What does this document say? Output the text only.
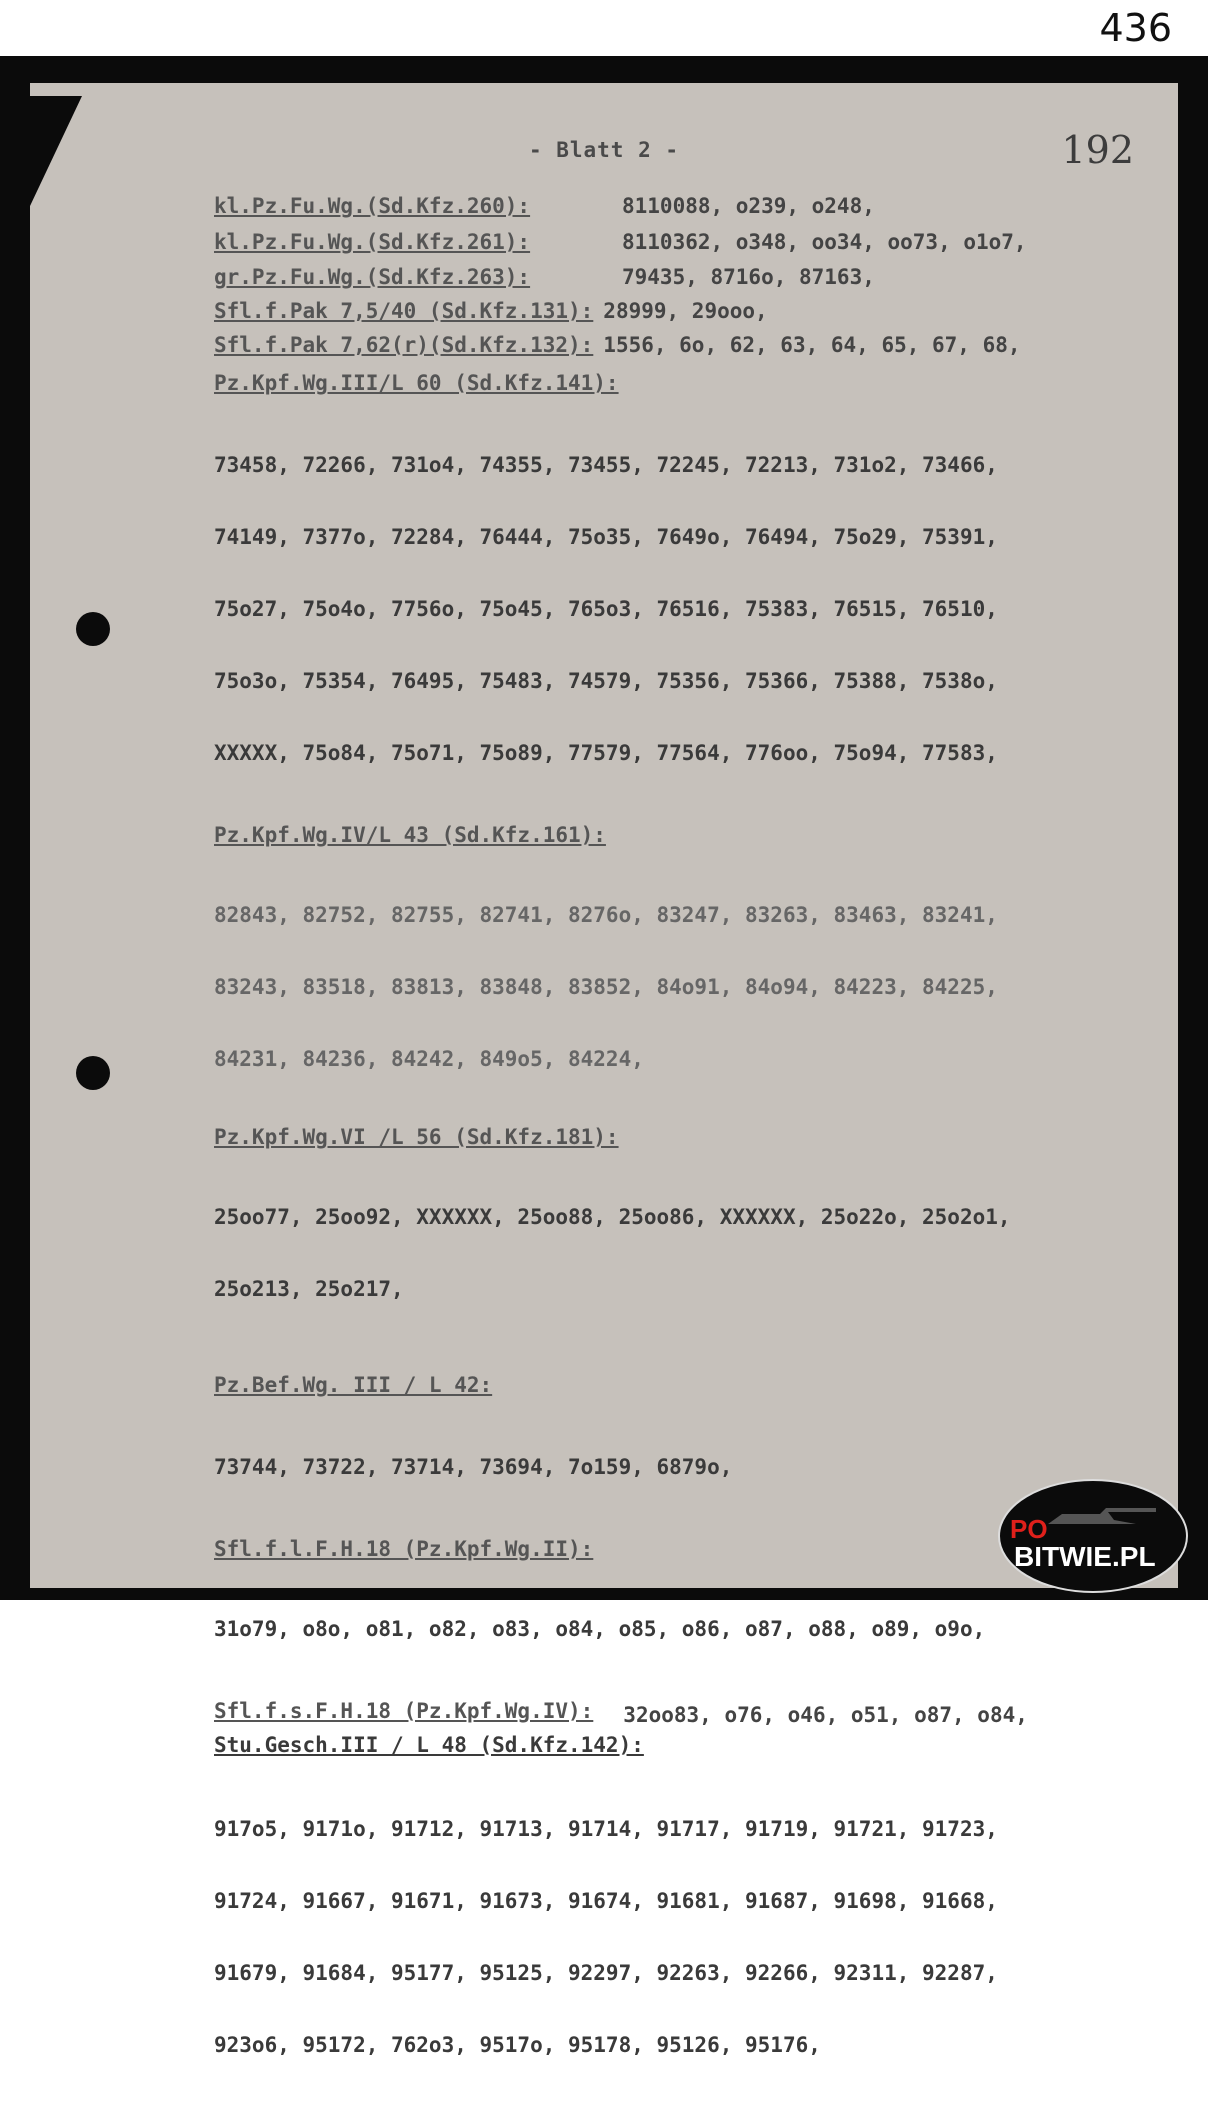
436
- Blatt 2 -	192
kl.Pz.Fu.Wg.(Sd.Kfz.260):	8110088, o239, o248,
kl.Pz.Fu.Wg.(Sd.Kfz.261):	8110362, o348, oo34, oo73, o1o7,
gr.Pz.Fu.Wg.(Sd.Kfz.263):	79435, 8716o, 87163,
Sfl.f.Pak 7,5/40 (Sd.Kfz.131): 28999, 29ooo,
Sfl.f.Pak 7,62(r)(Sd.Kfz.132): 1556, 6o, 62, 63, 64, 65, 67, 68,
Pz.Kpf.Wg.III/L 60 (Sd.Kfz.141):

73458, 72266, 731o4, 74355, 73455, 72245, 72213, 731o2, 73466,

74149, 7377o, 72284, 76444, 75o35, 7649o, 76494, 75o29, 75391,

75o27, 75o4o, 7756o, 75o45, 765o3, 76516, 75383, 76515, 76510,

75o3o, 75354, 76495, 75483, 74579, 75356, 75366, 75388, 7538o,

XXXXX, 75o84, 75o71, 75o89, 77579, 77564, 776oo, 75o94, 77583,

Pz.Kpf.Wg.IV/L 43 (Sd.Kfz.161):

82843, 82752, 82755, 82741, 8276o, 83247, 83263, 83463, 83241,

83243, 83518, 83813, 83848, 83852, 84o91, 84o94, 84223, 84225,

84231, 84236, 84242, 849o5, 84224,

Pz.Kpf.Wg.VI /L 56 (Sd.Kfz.181):

25oo77, 25oo92, XXXXXX, 25oo88, 25oo86, XXXXXX, 25o22o, 25o2o1,

25o213, 25o217,

Pz.Bef.Wg. III / L 42:

73744, 73722, 73714, 73694, 7o159, 6879o,

Sfl.f.l.F.H.18 (Pz.Kpf.Wg.II):

31o79, o8o, o81, o82, o83, o84, o85, o86, o87, o88, o89, o9o,

Sfl.f.s.F.H.18 (Pz.Kpf.Wg.IV): 32oo83, o76, o46, o51, o87, o84,
Stu.Gesch.III / L 48 (Sd.Kfz.142):

917o5, 9171o, 91712, 91713, 91714, 91717, 91719, 91721, 91723,

91724, 91667, 91671, 91673, 91674, 91681, 91687, 91698, 91668,

91679, 91684, 95177, 95125, 92297, 92263, 92266, 92311, 92287,

923o6, 95172, 762o3, 9517o, 95178, 95126, 95176,

PO
BITWIE.PL
